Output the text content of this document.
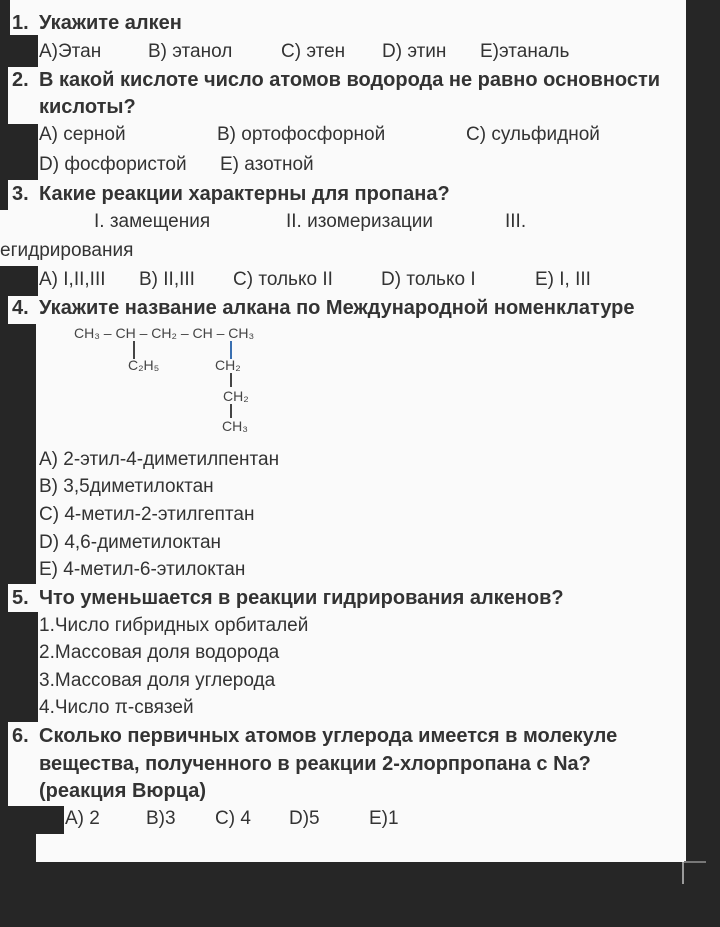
1. Укажите алкен
A)Этан B) этанол	C) этен D) этин E)этаналь
2. В какой кислоте число атомов водорода не равно основности
кислоты?
A) серной	B) ортофосфорной	C) сульфидной
D) фосфористой E) азотной
3. Какие реакции характерны для пропана?
I. замещения	II. изомеризации	III.
егидрирования
A) I,II,III B) II,III C) только II	D) только I	E) I, III
4. Укажите название алкана по Международной номенклатуре
CH₃ – CH – CH₂ – CH – CH₃
C₂H₅	CH₂
CH₂
CH₃
A) 2-этил-4-диметилпентан
B) 3,5диметилоктан
C) 4-метил-2-этилгептан
D) 4,6-диметилоктан
E) 4-метил-6-этилоктан
5. Что уменьшается в реакции гидрирования алкенов?
1.Число гибридных орбиталей
2.Массовая доля водорода
3.Массовая доля углерода
4.Число π-связей
6. Сколько первичных атомов углерода имеется в молекуле
вещества, полученного в реакции 2-хлорпропана с Na?
(реакция Вюрца)
A) 2 B)3 C) 4 D)5	E)1
